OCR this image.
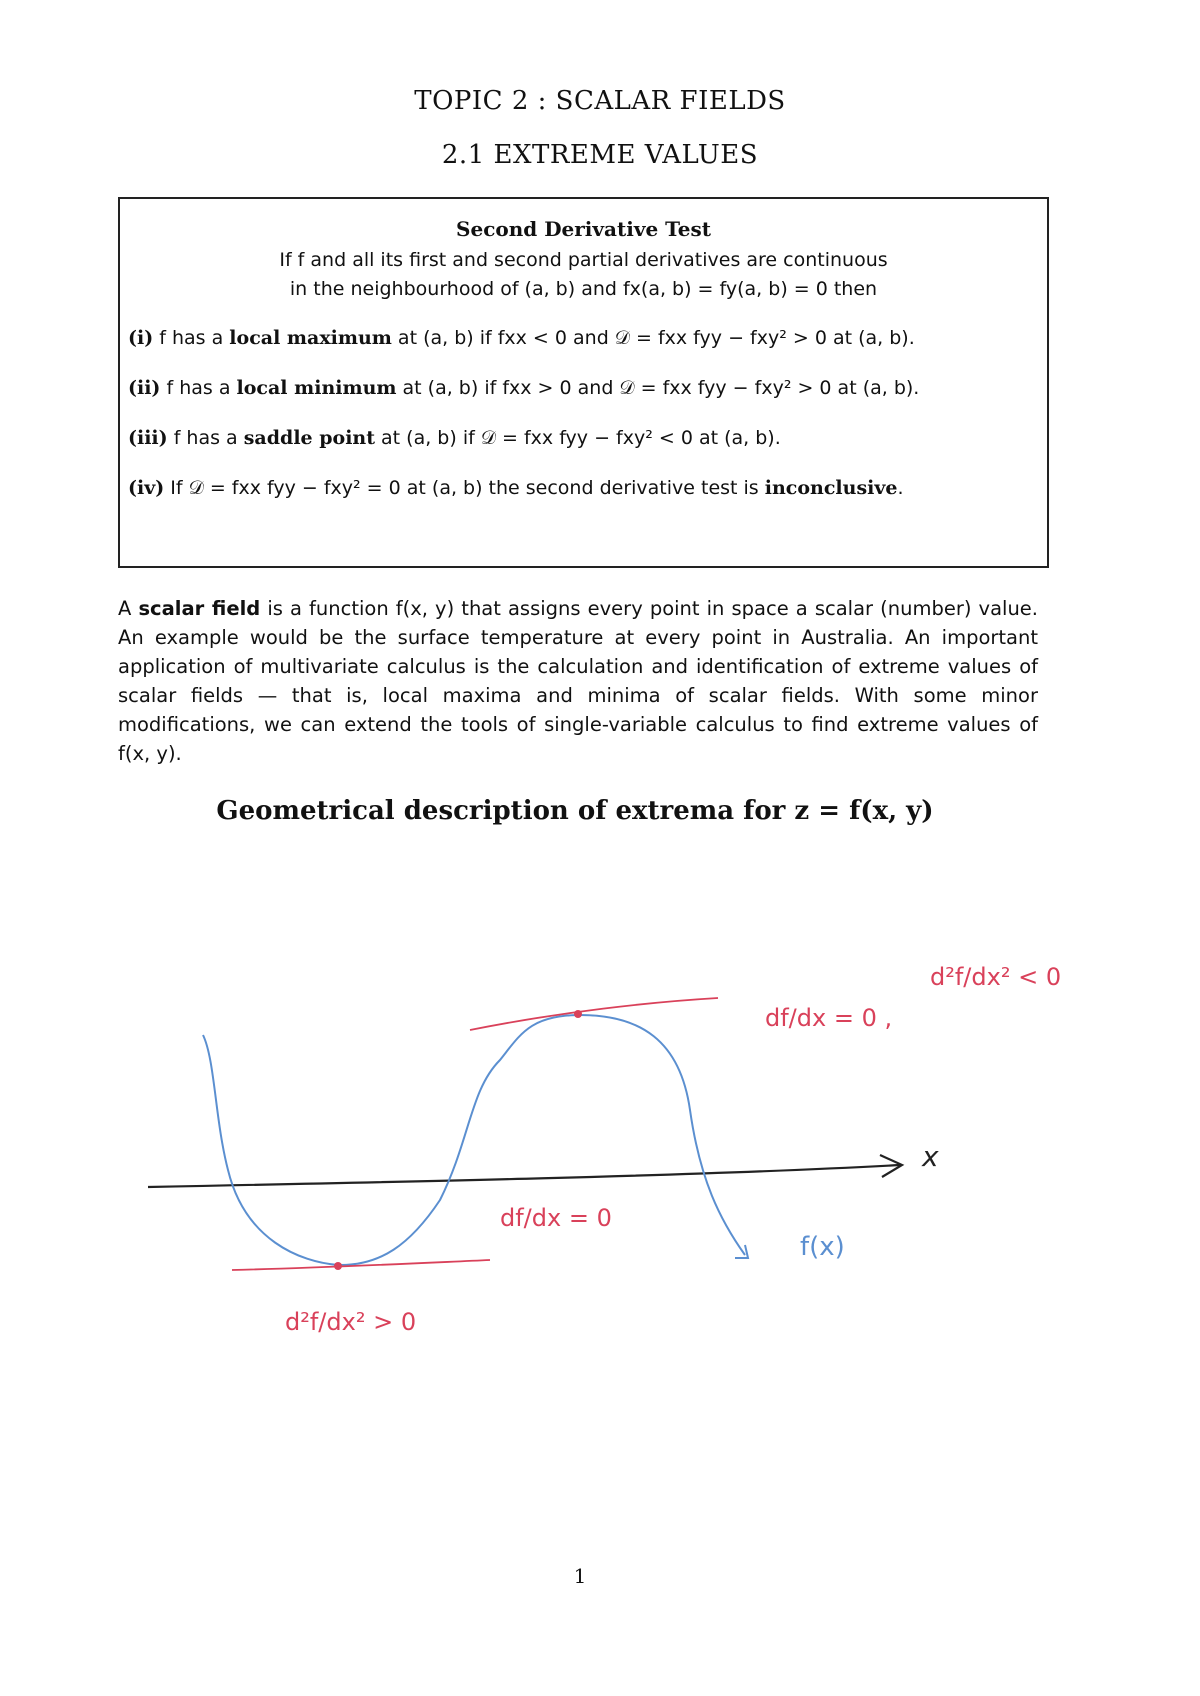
TOPIC 2 : SCALAR FIELDS
2.1 EXTREME VALUES
Second Derivative Test
If f and all its first and second partial derivatives are continuous
in the neighbourhood of (a, b) and fx(a, b) = fy(a, b) = 0 then
(i) f has a local maximum at (a, b) if fxx < 0 and 𝒟 = fxx fyy − fxy² > 0 at (a, b).
(ii) f has a local minimum at (a, b) if fxx > 0 and 𝒟 = fxx fyy − fxy² > 0 at (a, b).
(iii) f has a saddle point at (a, b) if 𝒟 = fxx fyy − fxy² < 0 at (a, b).
(iv) If 𝒟 = fxx fyy − fxy² = 0 at (a, b) the second derivative test is inconclusive.

A scalar field is a function f(x, y) that assigns every point in space a scalar (number) value. An example would be the surface temperature at every point in Australia. An important application of multivariate calculus is the calculation and identification of extreme values of scalar fields — that is, local maxima and minima of scalar fields. With some minor modifications, we can extend the tools of single-variable calculus to find extreme values of f(x, y).

Geometrical description of extrema for z = f(x, y)
x
f(x)
df/dx = 0 ,
d²f/dx² < 0
df/dx = 0
d²f/dx² > 0
1
